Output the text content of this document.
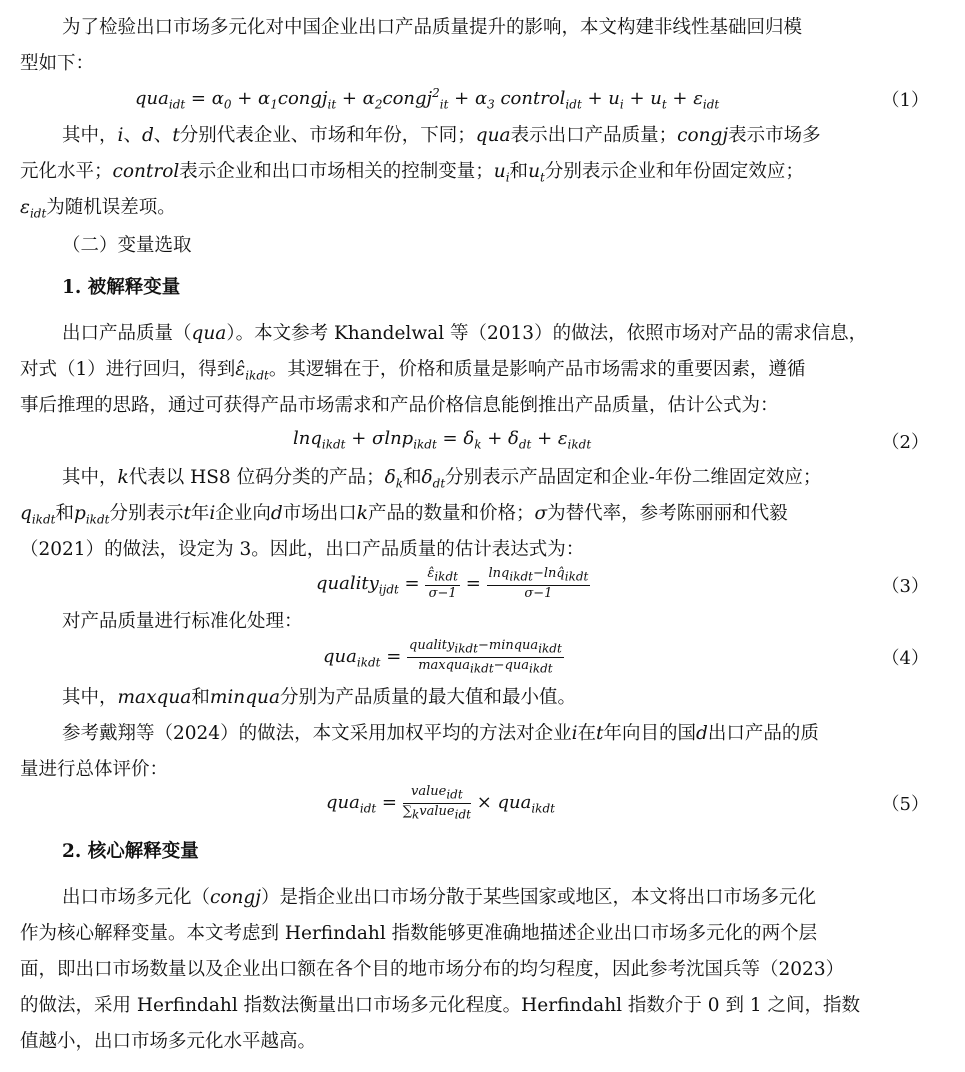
为了检验出口市场多元化对中国企业出口产品质量提升的影响，本文构建非线性基础回归模
型如下：
$qua_{idt} = \alpha_0$ + $\alpha_1congj_{it}$ + $\alpha_2congj^2_{it} + \alpha_3$ control$_{idt}$ + $u_i + u_t + \varepsilon_{idt}$	（1）
其中，i、d、t分别代表企业、市场和年份，下同；qua表示出口产品质量；congj表示市场多
元化水平；control表示企业和出口市场相关的控制变量；$u_i$和$u_t$分别表示企业和年份固定效应；
$\varepsilon_{idt}$为随机误差项。
（二）变量选取
1. 被解释变量
出口产品质量（qua）。本文参考 Khandelwal 等（2013）的做法，依照市场对产品的需求信息，
对式（1）进行回归，得到$\varepsilon̂_{ikdt}$。其逻辑在于，价格和质量是影响产品市场需求的重要因素，遵循
事后推理的思路，通过可获得产品市场需求和产品价格信息能倒推出产品质量，估计公式为：
$\ln q_{ikdt} + \sigma\ln p_{ikdt} = \delta_k + \delta_{dt} + \varepsilon_{ikdt}$	（2）
其中，k代表以 HS8 位码分类的产品；$\delta_k$和$\delta_{dt}$分别表示产品固定和企业-年份二维固定效应；
$q_{ikdt}$和$p_{ikdt}$分别表示t年i企业向d市场出口k产品的数量和价格；σ为替代率，参考陈丽丽和代毅
（2021）的做法，设定为 3。因此，出口产品质量的估计表达式为：
quality$_{ijdt}$ = $\frac{\varepsilon̂_{ikdt}}{\sigma-1} = \frac{\ln q_{ikdt}-\ln q̂_{ikdt}}{\sigma-1}$	（3）
对产品质量进行标准化处理：
$qua_{ikdt} = \frac{quality_{ikdt}-minqua_{ikdt}}{maxqua_{ikdt}-qua_{ikdt}}$	（4）
其中，maxqua和minqua分别为产品质量的最大值和最小值。
参考戴翔等（2024）的做法，本文采用加权平均的方法对企业i在t年向目的国d出口产品的质
量进行总体评价：
$qua_{idt} = \frac{value_{idt}}{\sum_kvalue_{idt}} \times qua_{ikdt}$	（5）
2. 核心解释变量
出口市场多元化（congj）是指企业出口市场分散于某些国家或地区，本文将出口市场多元化
作为核心解释变量。本文考虑到 Herfindahl 指数能够更准确地描述企业出口市场多元化的两个层
面，即出口市场数量以及企业出口额在各个目的地市场分布的均匀程度，因此参考沈国兵等（2023）
的做法，采用 Herfindahl 指数法衡量出口市场多元化程度。Herfindahl 指数介于 0 到 1 之间，指数
值越小，出口市场多元化水平越高。
